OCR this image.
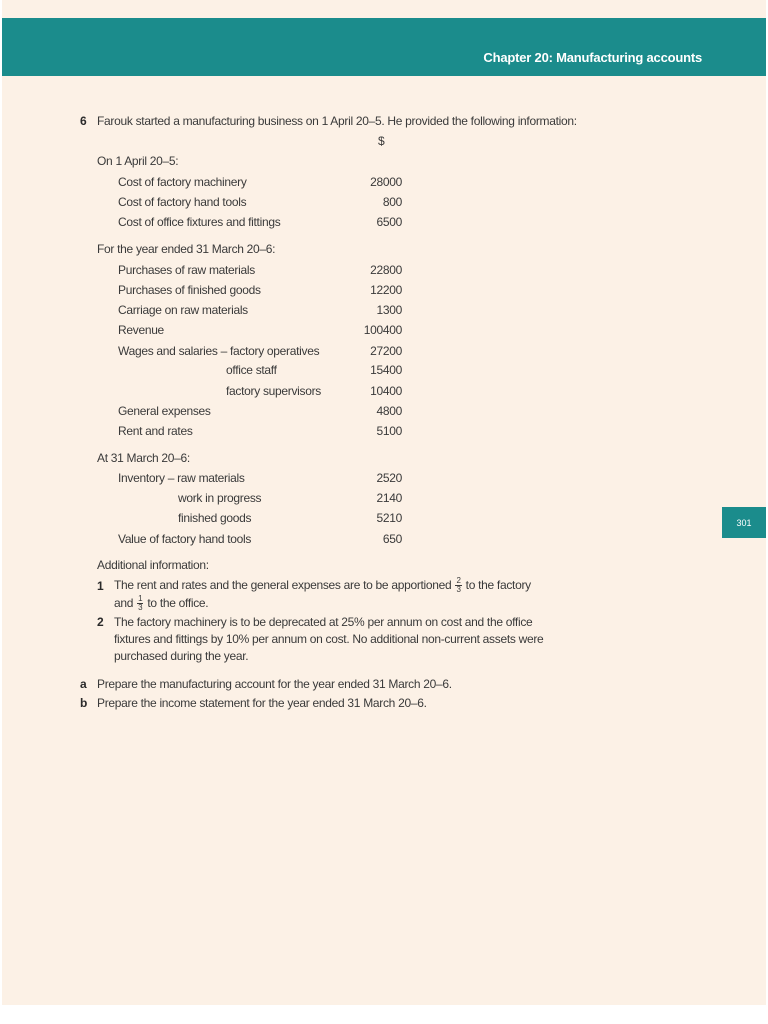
Chapter 20: Manufacturing accounts
301
6 Farouk started a manufacturing business on 1 April 20–5. He provided the following information:
$
On 1 April 20–5:
Cost of factory machinery	28000
Cost of factory hand tools	800
Cost of office fixtures and fittings	6500
For the year ended 31 March 20–6:
Purchases of raw materials	22800
Purchases of finished goods	12200
Carriage on raw materials	1300
Revenue	100400
Wages and salaries – factory operatives	27200
office staff	15400
factory supervisors	10400
General expenses	4800
Rent and rates	5100
At 31 March 20–6:
Inventory – raw materials	2520
work in progress	2140
finished goods	5210
Value of factory hand tools	650
Additional information:
1 The rent and rates and the general expenses are to be apportioned $\frac{2}{3}$ to the factory
and $\frac{1}{3}$ to the office.
2 The factory machinery is to be deprecated at 25% per annum on cost and the office
fixtures and fittings by 10% per annum on cost. No additional non-current assets were
purchased during the year.
a Prepare the manufacturing account for the year ended 31 March 20–6.
b Prepare the income statement for the year ended 31 March 20–6.
